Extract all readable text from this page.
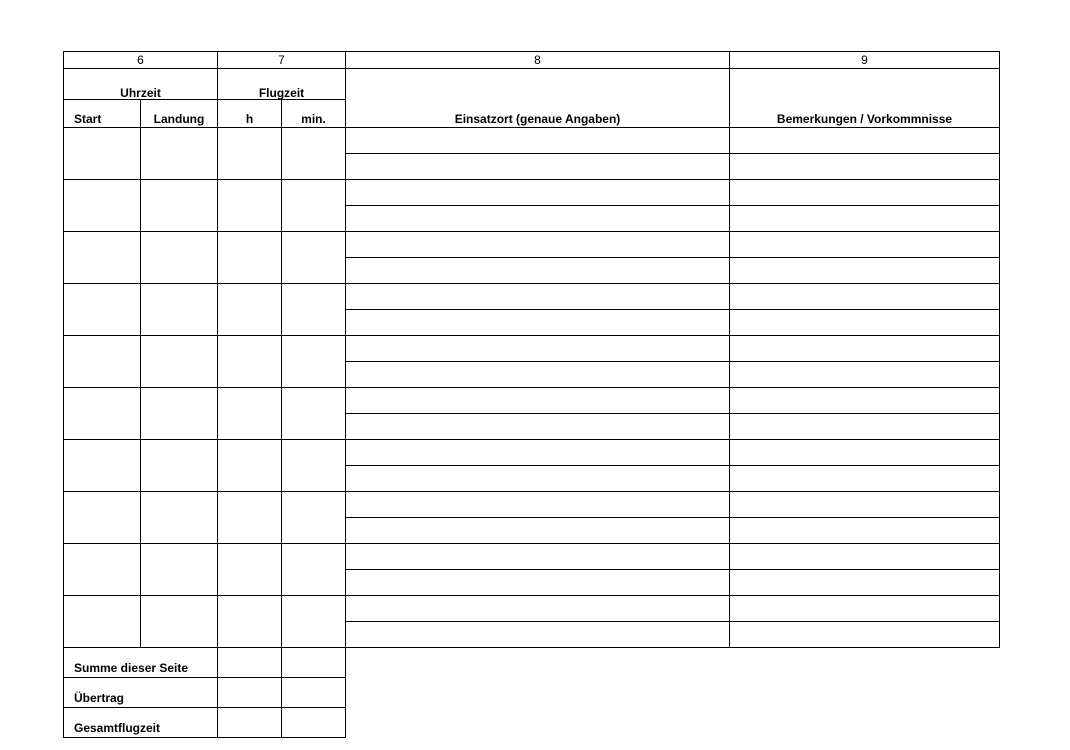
6		7		8	9
Uhrzeit		Flugzeit		Einsatzort (genaue Angaben)	Bemerkungen / Vorkommnisse
Start	Landung	h	min.		

Summe dieser Seite					
Übertrag					
Gesamtflugzeit					
